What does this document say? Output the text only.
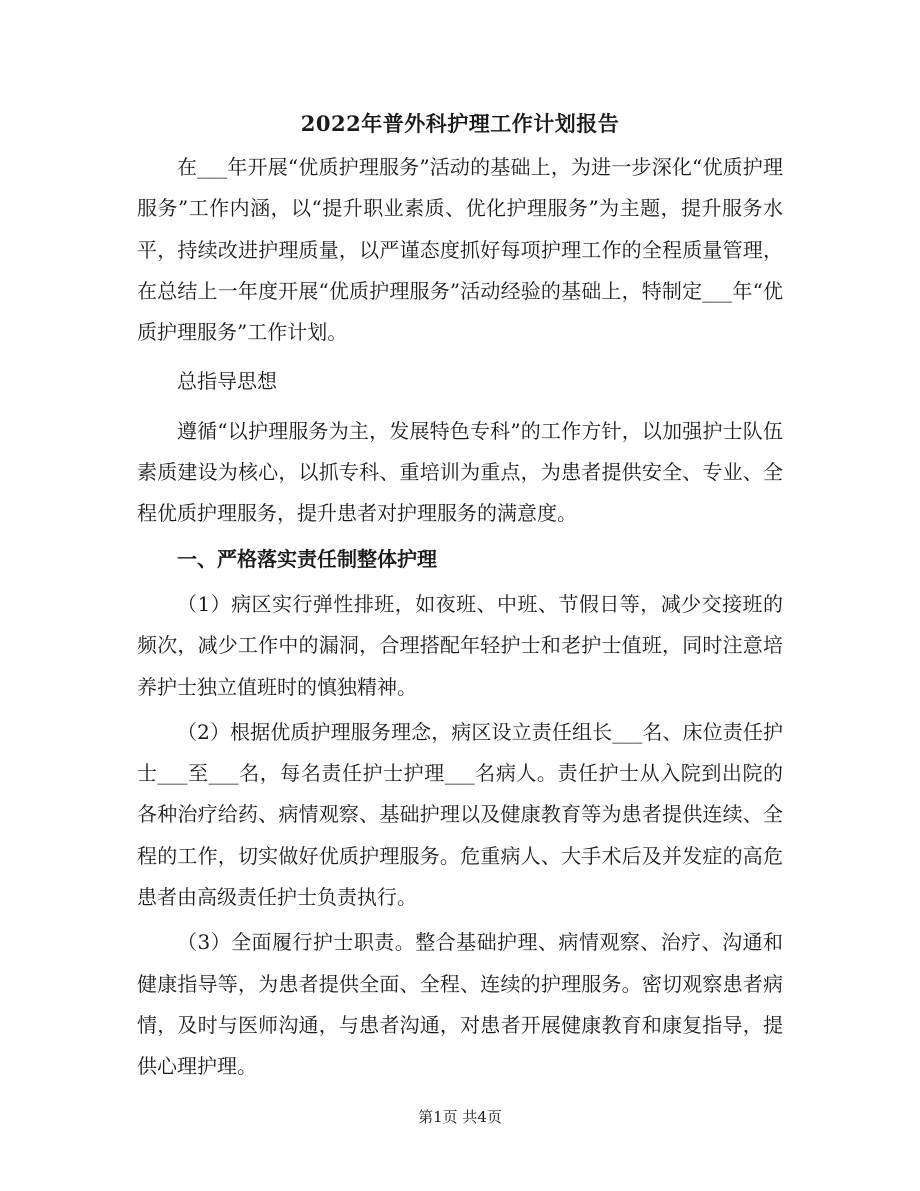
2022年普外科护理工作计划报告

在___年开展“优质护理服务”活动的基础上，为进一步深化“优质护理服务”工作内涵，以“提升职业素质、优化护理服务”为主题，提升服务水平，持续改进护理质量，以严谨态度抓好每项护理工作的全程质量管理，在总结上一年度开展“优质护理服务”活动经验的基础上，特制定___年“优质护理服务”工作计划。

总指导思想

遵循“以护理服务为主，发展特色专科”的工作方针，以加强护士队伍素质建设为核心，以抓专科、重培训为重点，为患者提供安全、专业、全程优质护理服务，提升患者对护理服务的满意度。

一、严格落实责任制整体护理

（1）病区实行弹性排班，如夜班、中班、节假日等，减少交接班的频次，减少工作中的漏洞，合理搭配年轻护士和老护士值班，同时注意培养护士独立值班时的慎独精神。

（2）根据优质护理服务理念，病区设立责任组长___名、床位责任护士___至___名，每名责任护士护理___名病人。责任护士从入院到出院的各种治疗给药、病情观察、基础护理以及健康教育等为患者提供连续、全程的工作，切实做好优质护理服务。危重病人、大手术后及并发症的高危患者由高级责任护士负责执行。

（3）全面履行护士职责。整合基础护理、病情观察、治疗、沟通和健康指导等，为患者提供全面、全程、连续的护理服务。密切观察患者病情，及时与医师沟通，与患者沟通，对患者开展健康教育和康复指导，提供心理护理。

第1页 共4页
